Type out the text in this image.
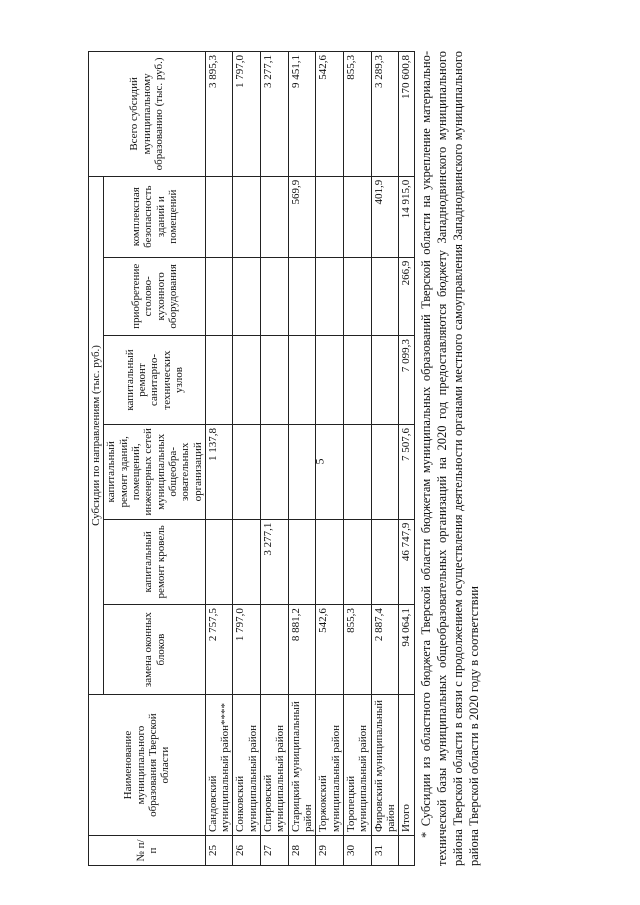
5
№ п/п	Наименование муниципального образования Тверской области	Субсидии по направлениям (тыс. руб.)						Всего субсидий муниципальному образованию (тыс. руб.)
		замена оконных блоков	капитальный ремонт кровель	капитальный ремонт зданий, помещений, инженерных сетей муниципальных общеобра-зовательных организаций	капитальный ремонт санитарно-технических узлов	приобретение столово-кухонного оборудования	комплексная безопасность зданий и помещений	
25	Сандовский муниципальный район****	2 757,5		1 137,8				3 895,3
26	Сонковский муниципальный район	1 797,0						1 797,0
27	Спировский муниципальный район		3 277,1					3 277,1
28	Старицкий муниципальный район	8 881,2					569,9	9 451,1
29	Торжокский муниципальный район	542,6						542,6
30	Торопецкий муниципальный район	855,3						855,3
31	Фировский муниципальный район	2 887,4					401,9	3 289,3
	Итого	94 064,1	46 747,9	7 507,6	7 099,3	266,9	14 915,0	170 600,8 * Субсидии из областного бюджета Тверской области бюджетам муниципальных образований Тверской области на укрепление материально-технической базы муниципальных общеобразовательных организаций на 2020 год предоставляются бюджету Западнодвинского муниципального района Тверской области в связи с продолжением осуществления деятельности органами местного самоуправления Западнодвинского муниципального района Тверской области в 2020 году в соответствии
